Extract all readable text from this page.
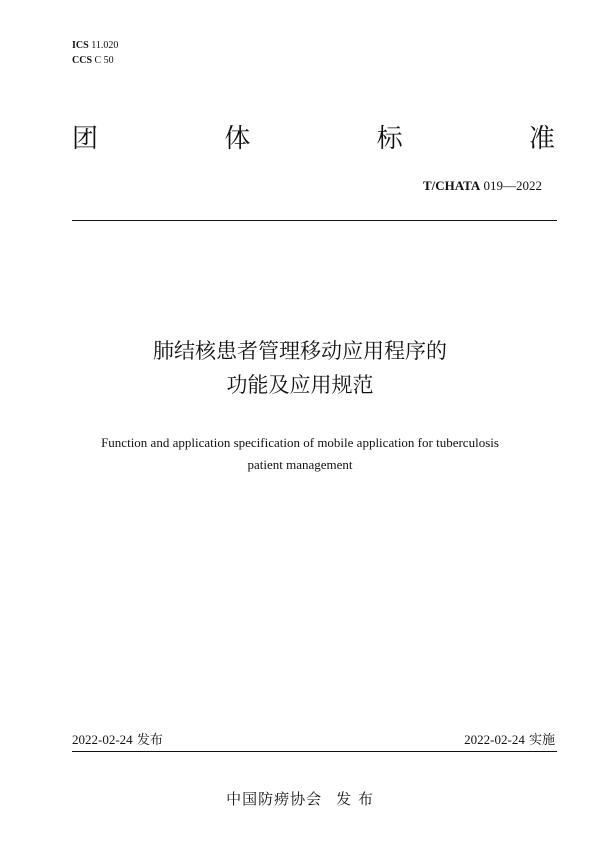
ICS 11.020
CCS C 50
团	体	标	准
T/CHATA 019—2022
肺结核患者管理移动应用程序的
功能及应用规范
Function and application specification of mobile application for tuberculosis
patient management
2022-02-24 发布	2022-02-24 实施
中国防痨协会 发 布
